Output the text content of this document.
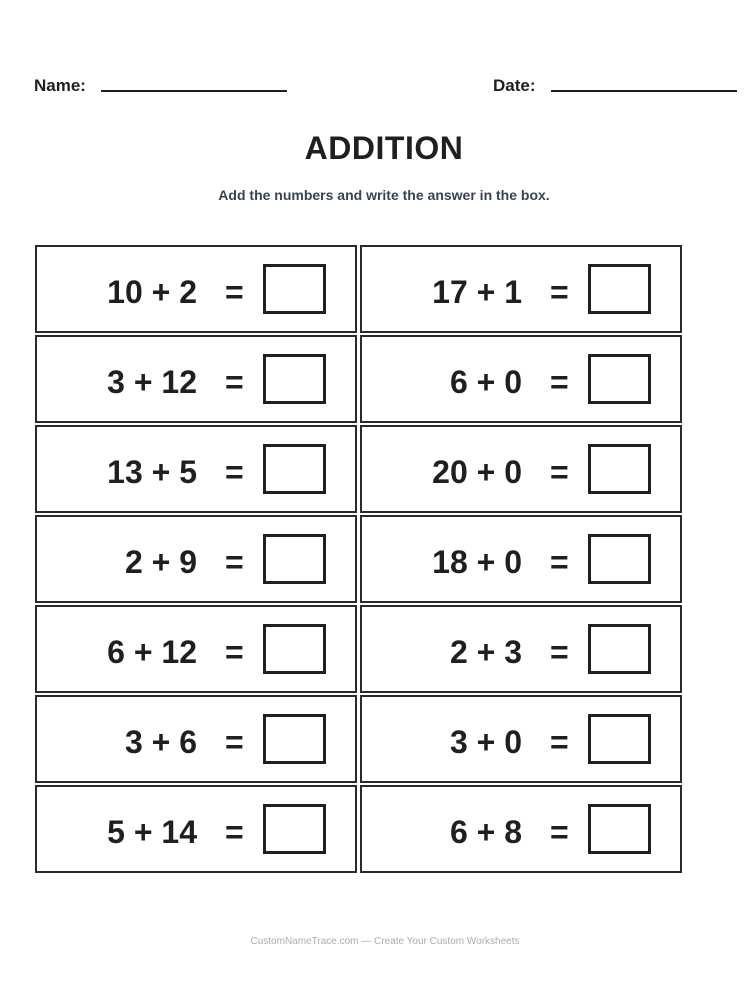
Name:	Date:
ADDITION
Add the numbers and write the answer in the box.
10 + 2 =	17 + 1 =
3 + 12 =	6 + 0 =
13 + 5 =	20 + 0 =
2 + 9 =	18 + 0 =
6 + 12 =	2 + 3 =
3 + 6 =	3 + 0 =
5 + 14 =	6 + 8 =
CustomNameTrace.com — Create Your Custom Worksheets
